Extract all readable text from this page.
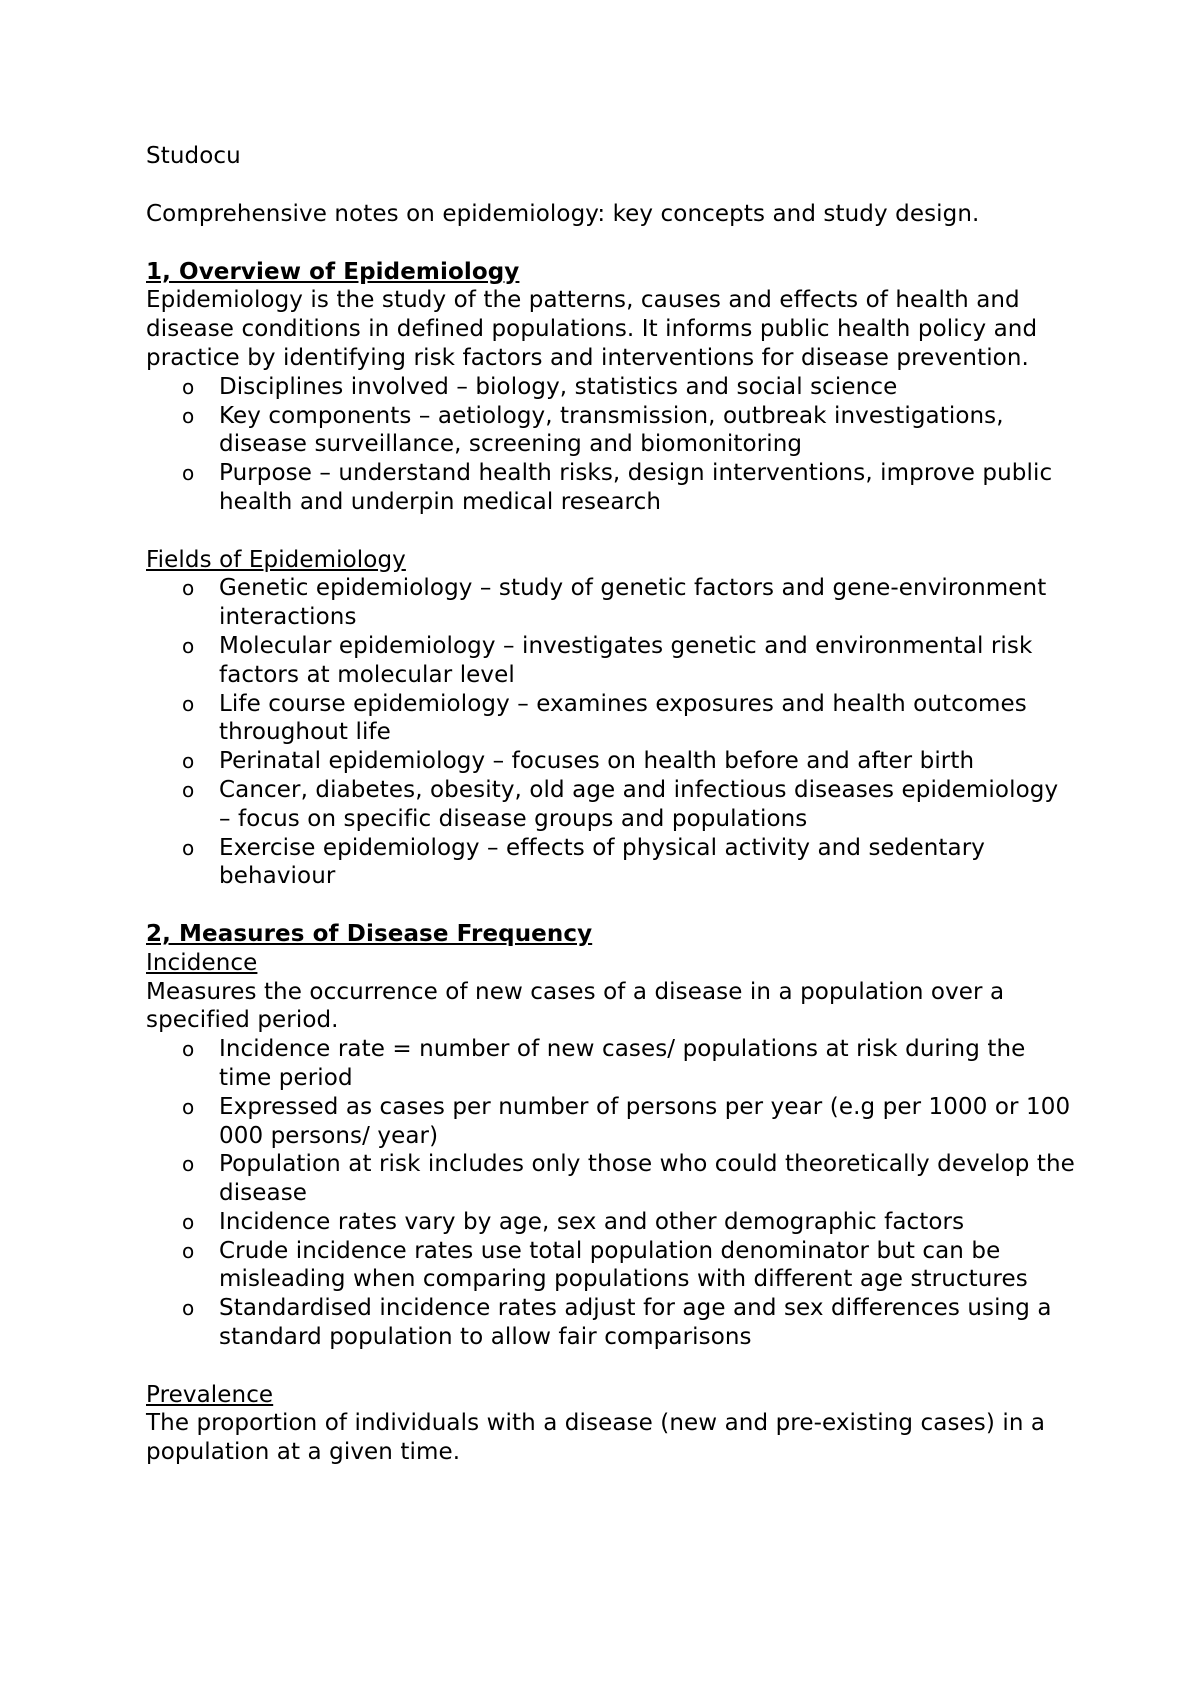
Studocu

Comprehensive notes on epidemiology: key concepts and study design.

1, Overview of Epidemiology

Epidemiology is the study of the patterns, causes and effects of health and disease conditions in defined populations. It informs public health policy and practice by identifying risk factors and interventions for disease prevention.

o Disciplines involved – biology, statistics and social science
o Key components – aetiology, transmission, outbreak investigations, disease surveillance, screening and biomonitoring
o Purpose – understand health risks, design interventions, improve public health and underpin medical research

Fields of Epidemiology

o Genetic epidemiology – study of genetic factors and gene-environment interactions
o Molecular epidemiology – investigates genetic and environmental risk factors at molecular level
o Life course epidemiology – examines exposures and health outcomes throughout life
o Perinatal epidemiology – focuses on health before and after birth
o Cancer, diabetes, obesity, old age and infectious diseases epidemiology – focus on specific disease groups and populations
o Exercise epidemiology – effects of physical activity and sedentary behaviour

2, Measures of Disease Frequency

Incidence

Measures the occurrence of new cases of a disease in a population over a specified period.

o Incidence rate = number of new cases/ populations at risk during the time period
o Expressed as cases per number of persons per year (e.g per 1000 or 100 000 persons/ year)
o Population at risk includes only those who could theoretically develop the disease
o Incidence rates vary by age, sex and other demographic factors
o Crude incidence rates use total population denominator but can be misleading when comparing populations with different age structures
o Standardised incidence rates adjust for age and sex differences using a standard population to allow fair comparisons

Prevalence

The proportion of individuals with a disease (new and pre-existing cases) in a population at a given time.
